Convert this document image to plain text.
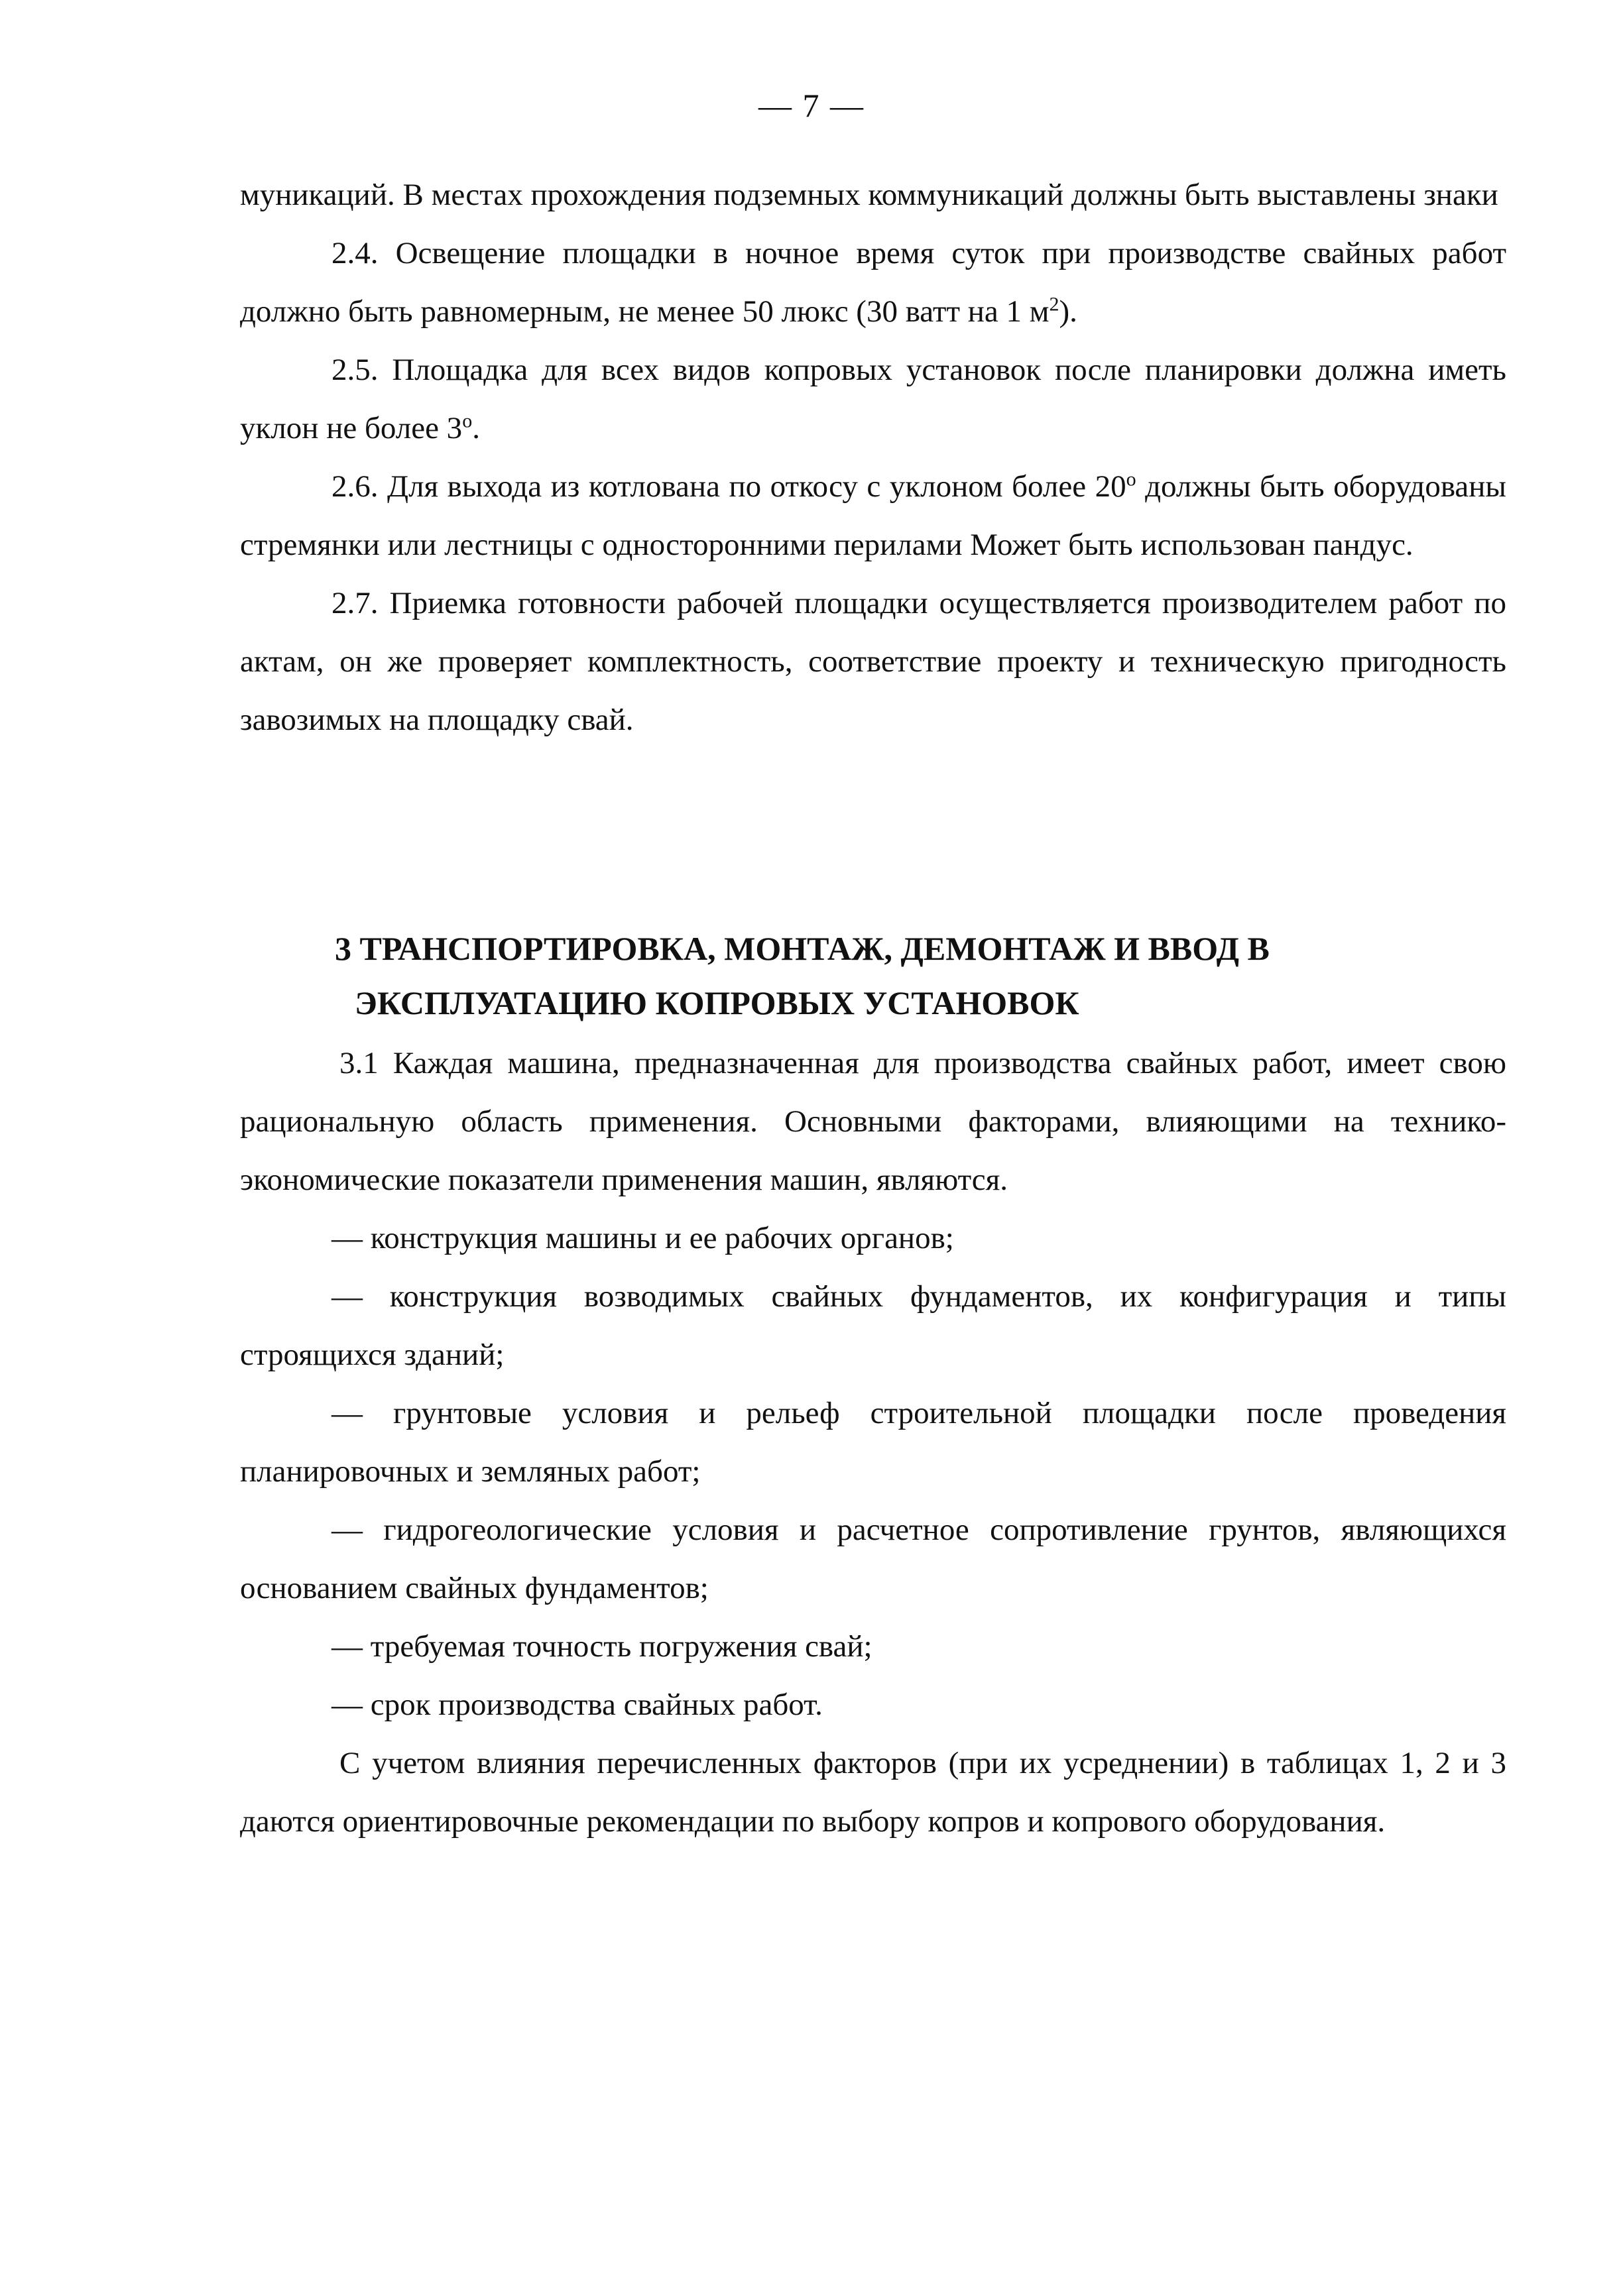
— 7 —

муникаций. В местах прохождения подземных коммуникаций должны быть выставлены знаки

2.4. Освещение площадки в ночное время суток при производстве свайных работ должно быть равномерным, не менее 50 люкс (30 ватт на 1 $м^2$).

2.5. Площадка для всех видов копровых установок после планировки должна иметь уклон не более $3^о$.

2.6. Для выхода из котлована по откосу с уклоном более $20^о$ должны быть оборудованы стремянки или лестницы с односторонними перилами Может быть использован пандус.

2.7. Приемка готовности рабочей площадки осуществляется производителем работ по актам, он же проверяет комплектность, соответствие проекту и техническую пригодность завозимых на площадку свай.

3 ТРАНСПОРТИРОВКА, МОНТАЖ, ДЕМОНТАЖ И ВВОД В
ЭКСПЛУАТАЦИЮ КОПРОВЫХ УСТАНОВОК

3.1 Каждая машина, предназначенная для производства свайных работ, имеет свою рациональную область применения. Основными факторами, влияющими на технико-экономические показатели применения машин, являются.

— конструкция машины и ее рабочих органов;

— конструкция возводимых свайных фундаментов, их конфигурация и типы строящихся зданий;

— грунтовые условия и рельеф строительной площадки после проведения планировочных и земляных работ;

— гидрогеологические условия и расчетное сопротивление грунтов, являющихся основанием свайных фундаментов;

— требуемая точность погружения свай;

— срок производства свайных работ.

С учетом влияния перечисленных факторов (при их усреднении) в таблицах 1, 2 и 3 даются ориентировочные рекомендации по выбору копров и копрового оборудования.
